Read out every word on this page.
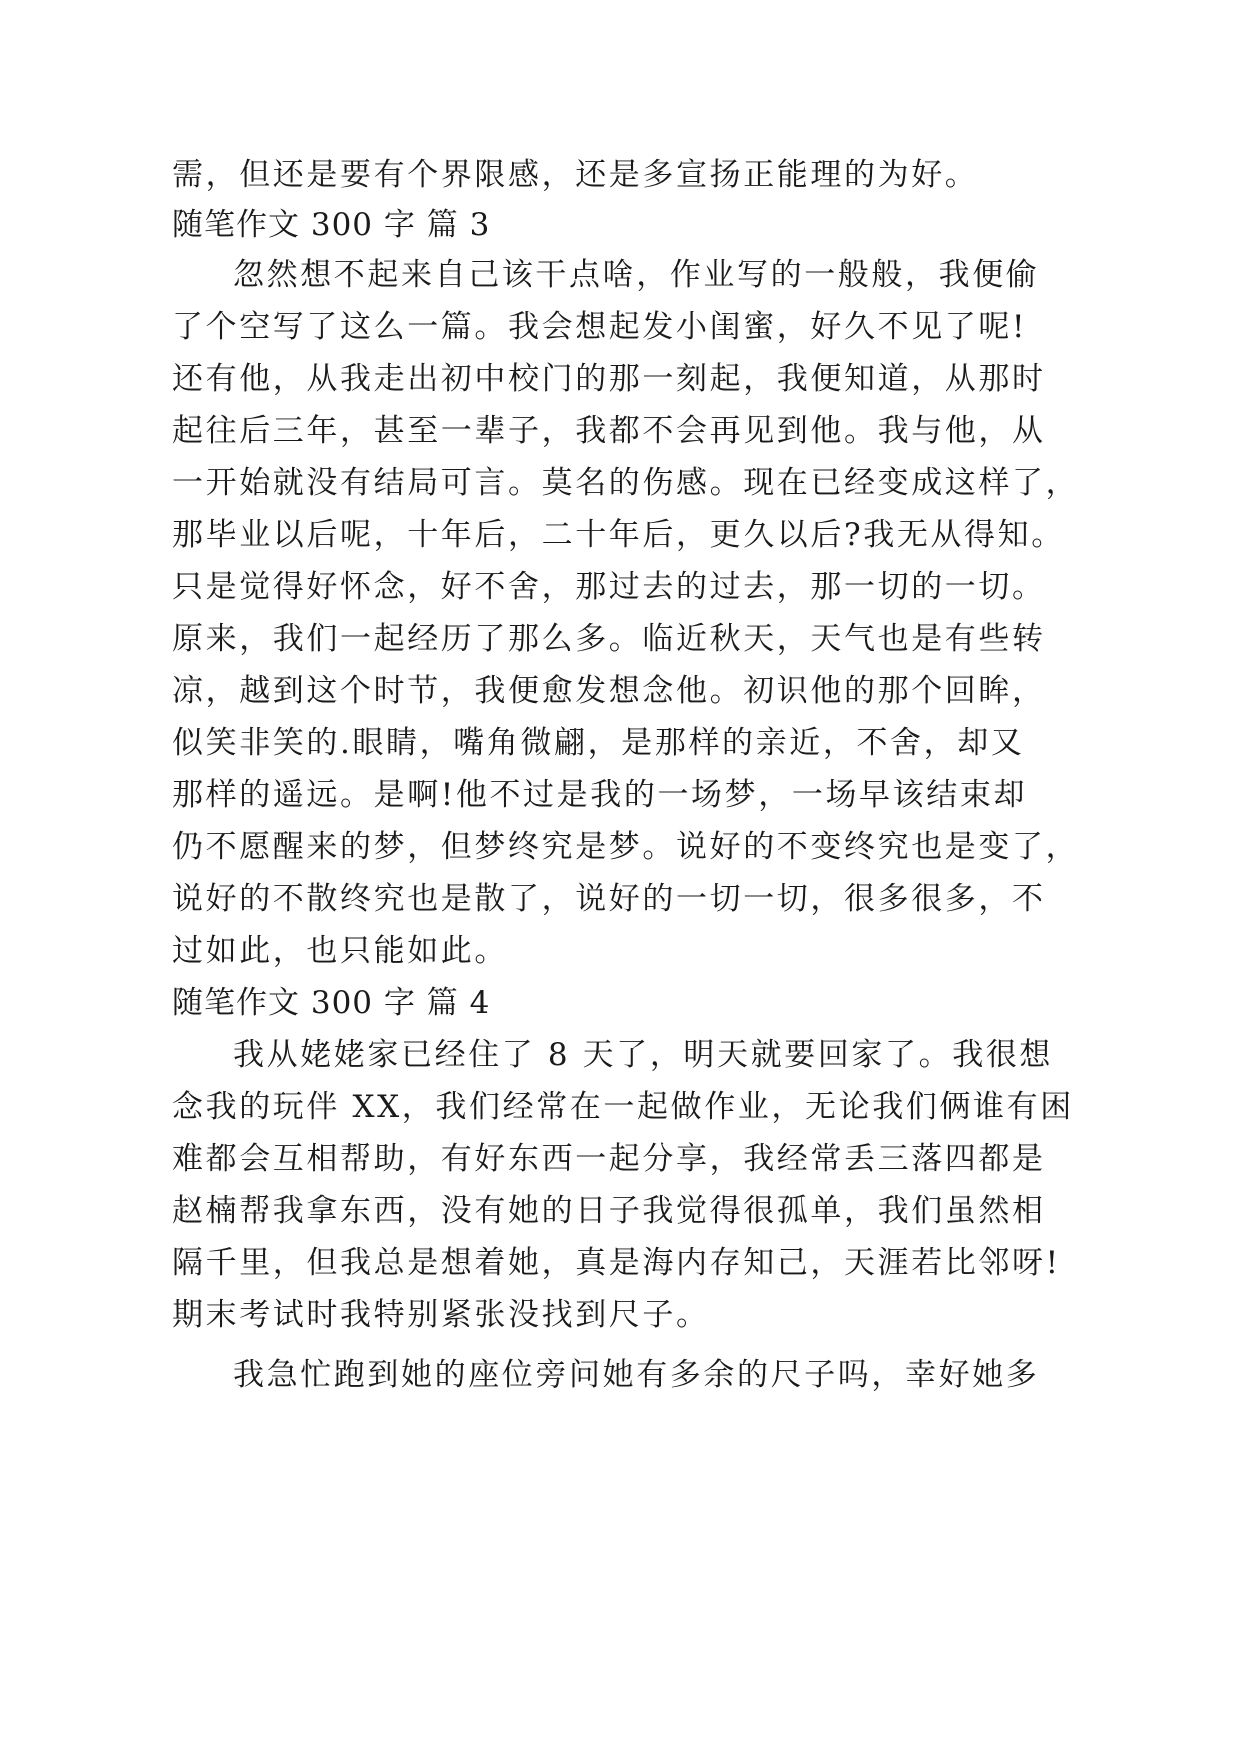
需，但还是要有个界限感，还是多宣扬正能理的为好。
随笔作文 300 字 篇 3
忽然想不起来自己该干点啥，作业写的一般般，我便偷
了个空写了这么一篇。我会想起发小闺蜜，好久不见了呢!
还有他，从我走出初中校门的那一刻起，我便知道，从那时
起往后三年，甚至一辈子，我都不会再见到他。我与他，从
一开始就没有结局可言。莫名的伤感。现在已经变成这样了，
那毕业以后呢，十年后，二十年后，更久以后?我无从得知。
只是觉得好怀念，好不舍，那过去的过去，那一切的一切。
原来，我们一起经历了那么多。临近秋天，天气也是有些转
凉，越到这个时节，我便愈发想念他。初识他的那个回眸，
似笑非笑的.眼睛，嘴角微翩，是那样的亲近，不舍，却又
那样的遥远。是啊!他不过是我的一场梦，一场早该结束却
仍不愿醒来的梦，但梦终究是梦。说好的不变终究也是变了，
说好的不散终究也是散了，说好的一切一切，很多很多，不
过如此，也只能如此。
随笔作文 300 字 篇 4
我从姥姥家已经住了 8 天了，明天就要回家了。我很想
念我的玩伴 XX，我们经常在一起做作业，无论我们俩谁有困
难都会互相帮助，有好东西一起分享，我经常丢三落四都是
赵楠帮我拿东西，没有她的日子我觉得很孤单，我们虽然相
隔千里，但我总是想着她，真是海内存知己，天涯若比邻呀!
期末考试时我特别紧张没找到尺子。
我急忙跑到她的座位旁问她有多余的尺子吗，幸好她多
